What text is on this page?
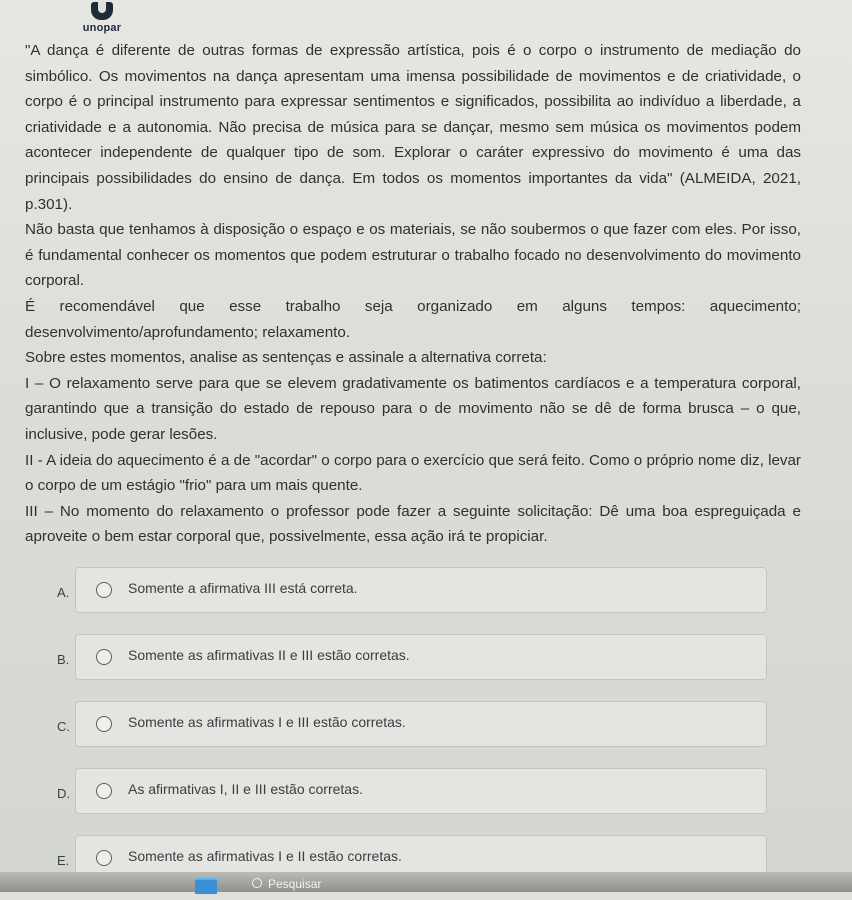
unopar

"A dança é diferente de outras formas de expressão artística, pois é o corpo o instrumento de mediação do simbólico. Os movimentos na dança apresentam uma imensa possibilidade de movimentos e de criatividade, o corpo é o principal instrumento para expressar sentimentos e significados, possibilita ao indivíduo a liberdade, a criatividade e a autonomia. Não precisa de música para se dançar, mesmo sem música os movimentos podem acontecer independente de qualquer tipo de som. Explorar o caráter expressivo do movimento é uma das principais possibilidades do ensino de dança. Em todos os momentos importantes da vida" (ALMEIDA, 2021, p.301).

Não basta que tenhamos à disposição o espaço e os materiais, se não soubermos o que fazer com eles. Por isso, é fundamental conhecer os momentos que podem estruturar o trabalho focado no desenvolvimento do movimento corporal.

É recomendável que esse trabalho seja organizado em alguns tempos: aquecimento; desenvolvimento/aprofundamento; relaxamento.

Sobre estes momentos, analise as sentenças e assinale a alternativa correta:

I – O relaxamento serve para que se elevem gradativamente os batimentos cardíacos e a temperatura corporal, garantindo que a transição do estado de repouso para o de movimento não se dê de forma brusca – o que, inclusive, pode gerar lesões.

II - A ideia do aquecimento é a de "acordar" o corpo para o exercício que será feito. Como o próprio nome diz, levar o corpo de um estágio "frio" para um mais quente.

III – No momento do relaxamento o professor pode fazer a seguinte solicitação: Dê uma boa espreguiçada e aproveite o bem estar corporal que, possivelmente, essa ação irá te propiciar.

A.	Somente a afirmativa III está correta.
B.	Somente as afirmativas II e III estão corretas.
C.	Somente as afirmativas I e III estão corretas.
D.	As afirmativas I, II e III estão corretas.
E.	Somente as afirmativas I e II estão corretas.
Pesquisar
